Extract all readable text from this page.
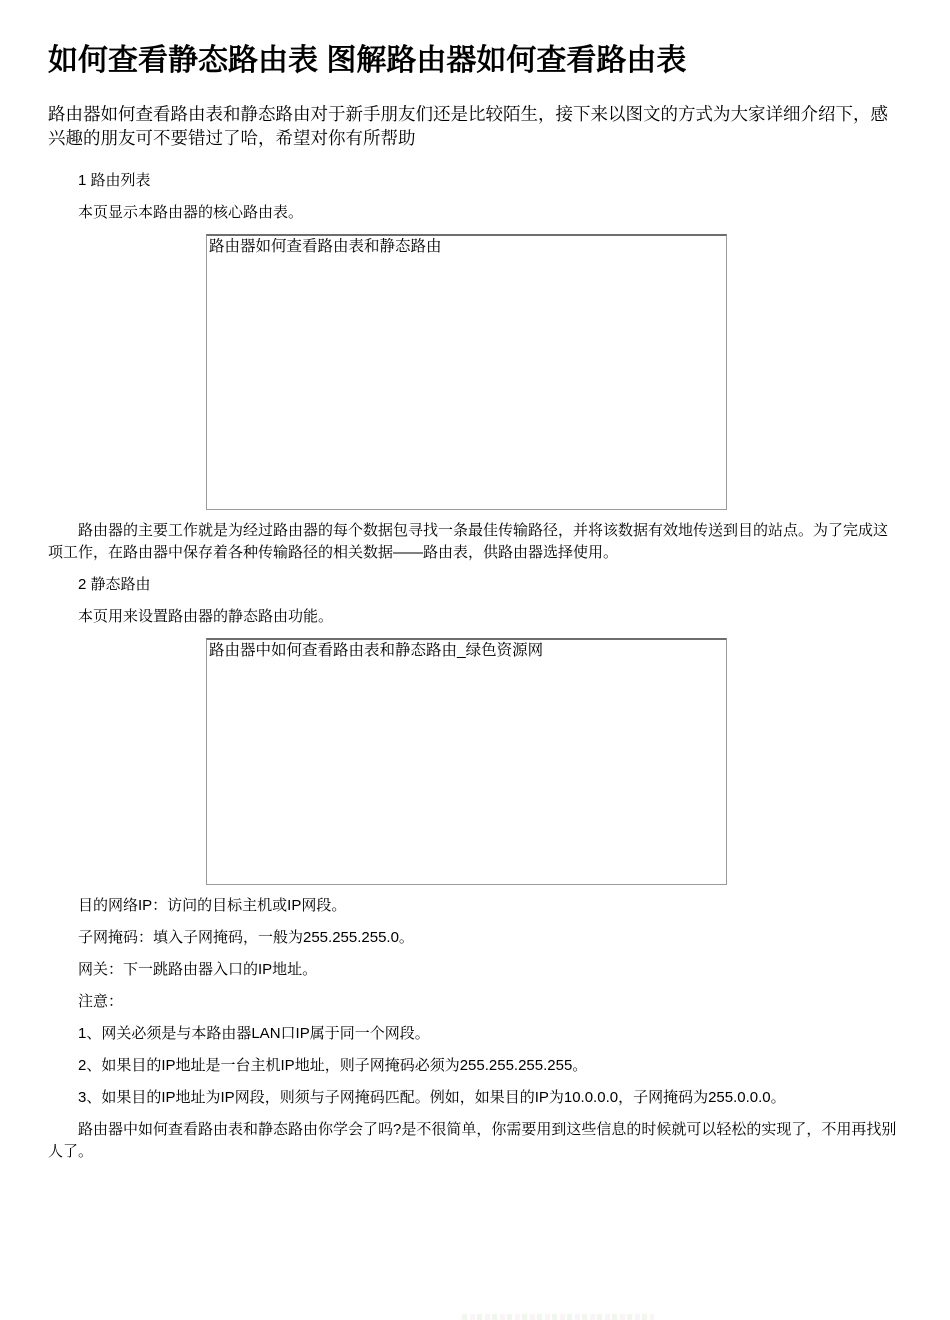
如何查看静态路由表 图解路由器如何查看路由表

路由器如何查看路由表和静态路由对于新手朋友们还是比较陌生，接下来以图文的方式为大家详细介绍下，感兴趣的朋友可不要错过了哈，希望对你有所帮助

1 路由列表

本页显示本路由器的核心路由表。

路由器如何查看路由表和静态路由

路由器的主要工作就是为经过路由器的每个数据包寻找一条最佳传输路径，并将该数据有效地传送到目的站点。为了完成这项工作，在路由器中保存着各种传输路径的相关数据——路由表，供路由器选择使用。

2 静态路由

本页用来设置路由器的静态路由功能。

路由器中如何查看路由表和静态路由_绿色资源网

目的网络IP：访问的目标主机或IP网段。

子网掩码：填入子网掩码，一般为255.255.255.0。

网关：下一跳路由器入口的IP地址。

注意：

1、网关必须是与本路由器LAN口IP属于同一个网段。

2、如果目的IP地址是一台主机IP地址，则子网掩码必须为255.255.255.255。

3、如果目的IP地址为IP网段，则须与子网掩码匹配。例如，如果目的IP为10.0.0.0，子网掩码为255.0.0.0。

路由器中如何查看路由表和静态路由你学会了吗?是不很简单，你需要用到这些信息的时候就可以轻松的实现了，不用再找别人了。
